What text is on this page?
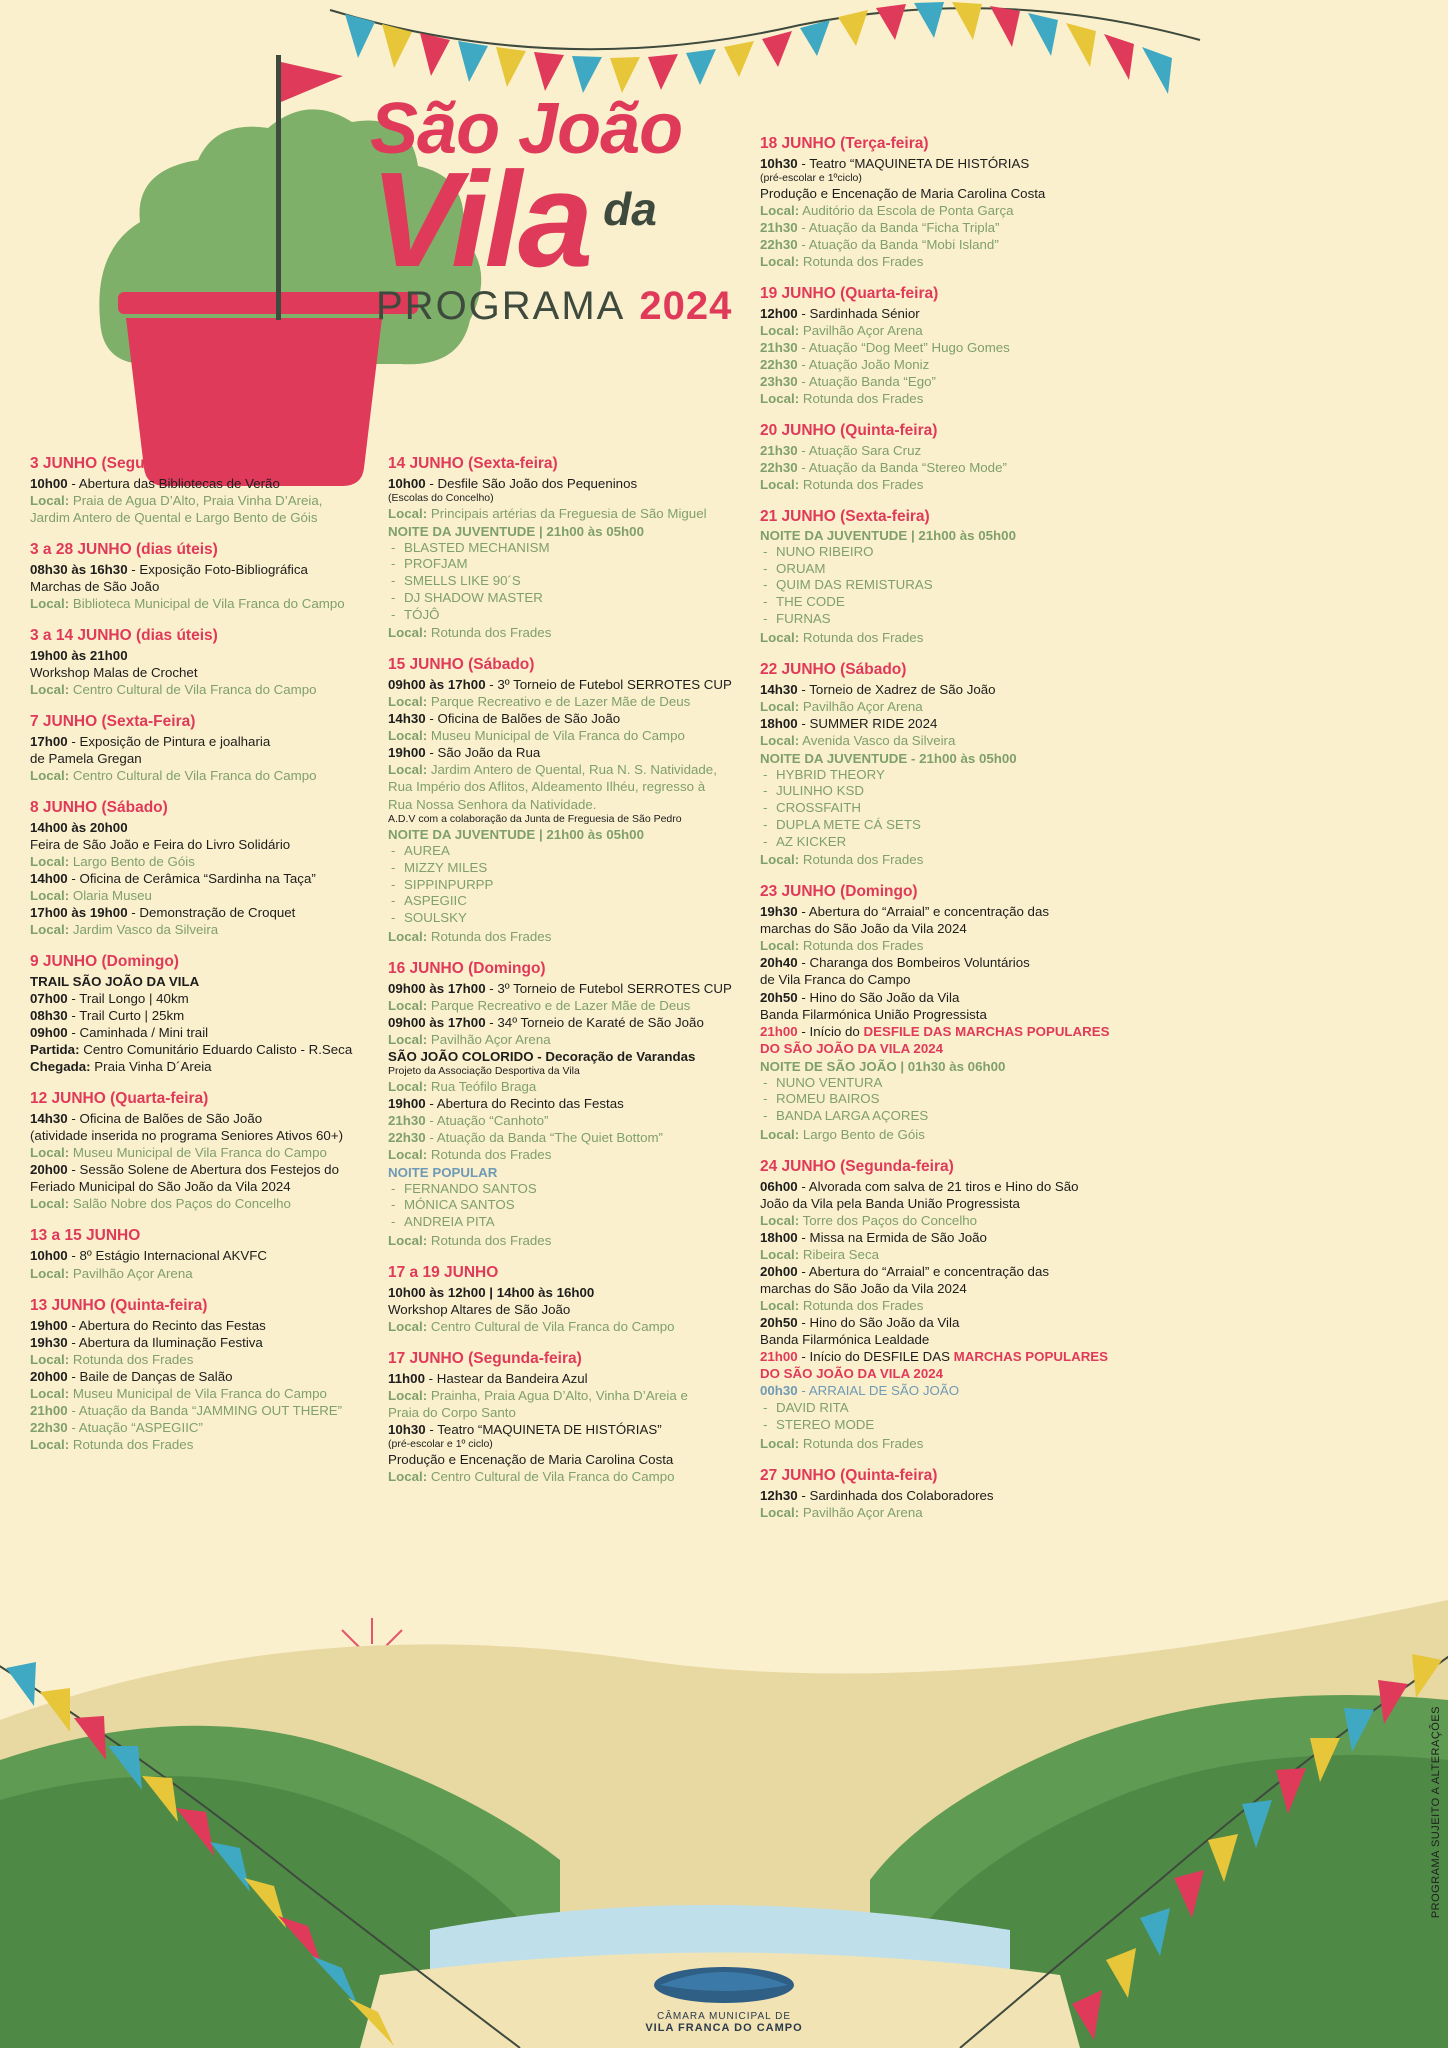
São João
Vila da
PROGRAMA 2024
3 JUNHO (Segunda-feira)
10h00 - Abertura das Bibliotecas de Verão
Local: Praia de Agua D’Alto, Praia Vinha D’Areia,
Jardim Antero de Quental e Largo Bento de Góis
3 a 28 JUNHO (dias úteis)
08h30 às 16h30 - Exposição Foto-Bibliográfica
Marchas de São João
Local: Biblioteca Municipal de Vila Franca do Campo
3 a 14 JUNHO (dias úteis)
19h00 às 21h00
Workshop Malas de Crochet
Local: Centro Cultural de Vila Franca do Campo
7 JUNHO (Sexta-Feira)
17h00 - Exposição de Pintura e joalharia
de Pamela Gregan
Local: Centro Cultural de Vila Franca do Campo
8 JUNHO (Sábado)
14h00 às 20h00
Feira de São João e Feira do Livro Solidário
Local: Largo Bento de Góis
14h00 - Oficina de Cerâmica “Sardinha na Taça”
Local: Olaria Museu
17h00 às 19h00 - Demonstração de Croquet
Local: Jardim Vasco da Silveira
9 JUNHO (Domingo)
TRAIL SÃO JOÃO DA VILA
07h00 - Trail Longo | 40km
08h30 - Trail Curto | 25km
09h00 - Caminhada / Mini trail
Partida: Centro Comunitário Eduardo Calisto - R.Seca
Chegada: Praia Vinha D´Areia
12 JUNHO (Quarta-feira)
14h30 - Oficina de Balões de São João
(atividade inserida no programa Seniores Ativos 60+)
Local: Museu Municipal de Vila Franca do Campo
20h00 - Sessão Solene de Abertura dos Festejos do
Feriado Municipal do São João da Vila 2024
Local: Salão Nobre dos Paços do Concelho
13 a 15 JUNHO
10h00 - 8º Estágio Internacional AKVFC
Local: Pavilhão Açor Arena
13 JUNHO (Quinta-feira)
19h00 - Abertura do Recinto das Festas
19h30 - Abertura da Iluminação Festiva
Local: Rotunda dos Frades
20h00 - Baile de Danças de Salão
Local: Museu Municipal de Vila Franca do Campo
21h00 - Atuação da Banda “JAMMING OUT THERE”
22h30 - Atuação “ASPEGIIC”
Local: Rotunda dos Frades
14 JUNHO (Sexta-feira)
10h00 - Desfile São João dos Pequeninos
(Escolas do Concelho)
Local: Principais artérias da Freguesia de São Miguel
NOITE DA JUVENTUDE | 21h00 às 05h00
- BLASTED MECHANISM
- PROFJAM
- SMELLS LIKE 90´S
- DJ SHADOW MASTER
- TÓJÔ
Local: Rotunda dos Frades
15 JUNHO (Sábado)
09h00 às 17h00 - 3º Torneio de Futebol SERROTES CUP
Local: Parque Recreativo e de Lazer Mãe de Deus
14h30 - Oficina de Balões de São João
Local: Museu Municipal de Vila Franca do Campo
19h00 - São João da Rua
Local: Jardim Antero de Quental, Rua N. S. Natividade,
Rua Império dos Aflitos, Aldeamento Ilhéu, regresso à
Rua Nossa Senhora da Natividade.
A.D.V com a colaboração da Junta de Freguesia de São Pedro
NOITE DA JUVENTUDE | 21h00 às 05h00
- AUREA
- MIZZY MILES
- SIPPINPURPP
- ASPEGIIC
- SOULSKY
Local: Rotunda dos Frades
16 JUNHO (Domingo)
09h00 às 17h00 - 3º Torneio de Futebol SERROTES CUP
Local: Parque Recreativo e de Lazer Mãe de Deus
09h00 às 17h00 - 34º Torneio de Karaté de São João
Local: Pavilhão Açor Arena
SÃO JOÃO COLORIDO - Decoração de Varandas
Projeto da Associação Desportiva da Vila
Local: Rua Teófilo Braga
19h00 - Abertura do Recinto das Festas
21h30 - Atuação “Canhoto”
22h30 - Atuação da Banda “The Quiet Bottom”
Local: Rotunda dos Frades
NOITE POPULAR
- FERNANDO SANTOS
- MÓNICA SANTOS
- ANDREIA PITA
Local: Rotunda dos Frades
17 a 19 JUNHO
10h00 às 12h00 | 14h00 às 16h00
Workshop Altares de São João
Local: Centro Cultural de Vila Franca do Campo
17 JUNHO (Segunda-feira)
11h00 - Hastear da Bandeira Azul
Local: Prainha, Praia Agua D’Alto, Vinha D’Areia e
Praia do Corpo Santo
10h30 - Teatro “MAQUINETA DE HISTÓRIAS”
(pré-escolar e 1º ciclo)
Produção e Encenação de Maria Carolina Costa
Local: Centro Cultural de Vila Franca do Campo
18 JUNHO (Terça-feira)
10h30 - Teatro “MAQUINETA DE HISTÓRIAS
(pré-escolar e 1ºciclo)
Produção e Encenação de Maria Carolina Costa
Local: Auditório da Escola de Ponta Garça
21h30 - Atuação da Banda “Ficha Tripla”
22h30 - Atuação da Banda “Mobi Island”
Local: Rotunda dos Frades
19 JUNHO (Quarta-feira)
12h00 - Sardinhada Sénior
Local: Pavilhão Açor Arena
21h30 - Atuação “Dog Meet” Hugo Gomes
22h30 - Atuação João Moniz
23h30 - Atuação Banda “Ego”
Local: Rotunda dos Frades
20 JUNHO (Quinta-feira)
21h30 - Atuação Sara Cruz
22h30 - Atuação da Banda “Stereo Mode”
Local: Rotunda dos Frades
21 JUNHO (Sexta-feira)
NOITE DA JUVENTUDE | 21h00 às 05h00
- NUNO RIBEIRO
- ORUAM
- QUIM DAS REMISTURAS
- THE CODE
- FURNAS
Local: Rotunda dos Frades
22 JUNHO (Sábado)
14h30 - Torneio de Xadrez de São João
Local: Pavilhão Açor Arena
18h00 - SUMMER RIDE 2024
Local: Avenida Vasco da Silveira
NOITE DA JUVENTUDE - 21h00 às 05h00
- HYBRID THEORY
- JULINHO KSD
- CROSSFAITH
- DUPLA METE CÁ SETS
- AZ KICKER
Local: Rotunda dos Frades
23 JUNHO (Domingo)
19h30 - Abertura do “Arraial” e concentração das
marchas do São João da Vila 2024
Local: Rotunda dos Frades
20h40 - Charanga dos Bombeiros Voluntários
de Vila Franca do Campo
20h50 - Hino do São João da Vila
Banda Filarmónica União Progressista
21h00 - Início do DESFILE DAS MARCHAS POPULARES
DO SÃO JOÃO DA VILA 2024
NOITE DE SÃO JOÃO | 01h30 às 06h00
- NUNO VENTURA
- ROMEU BAIROS
- BANDA LARGA AÇORES
Local: Largo Bento de Góis
24 JUNHO (Segunda-feira)
06h00 - Alvorada com salva de 21 tiros e Hino do São
João da Vila pela Banda União Progressista
Local: Torre dos Paços do Concelho
18h00 - Missa na Ermida de São João
Local: Ribeira Seca
20h00 - Abertura do “Arraial” e concentração das
marchas do São João da Vila 2024
Local: Rotunda dos Frades
20h50 - Hino do São João da Vila
Banda Filarmónica Lealdade
21h00 - Início do DESFILE DAS MARCHAS POPULARES
DO SÃO JOÃO DA VILA 2024
00h30 - ARRAIAL DE SÃO JOÃO
- DAVID RITA
- STEREO MODE
Local: Rotunda dos Frades
27 JUNHO (Quinta-feira)
12h30 - Sardinhada dos Colaboradores
Local: Pavilhão Açor Arena
PROGRAMA SUJEITO A ALTERAÇÕES
CÂMARA MUNICIPAL DE
VILA FRANCA DO CAMPO
